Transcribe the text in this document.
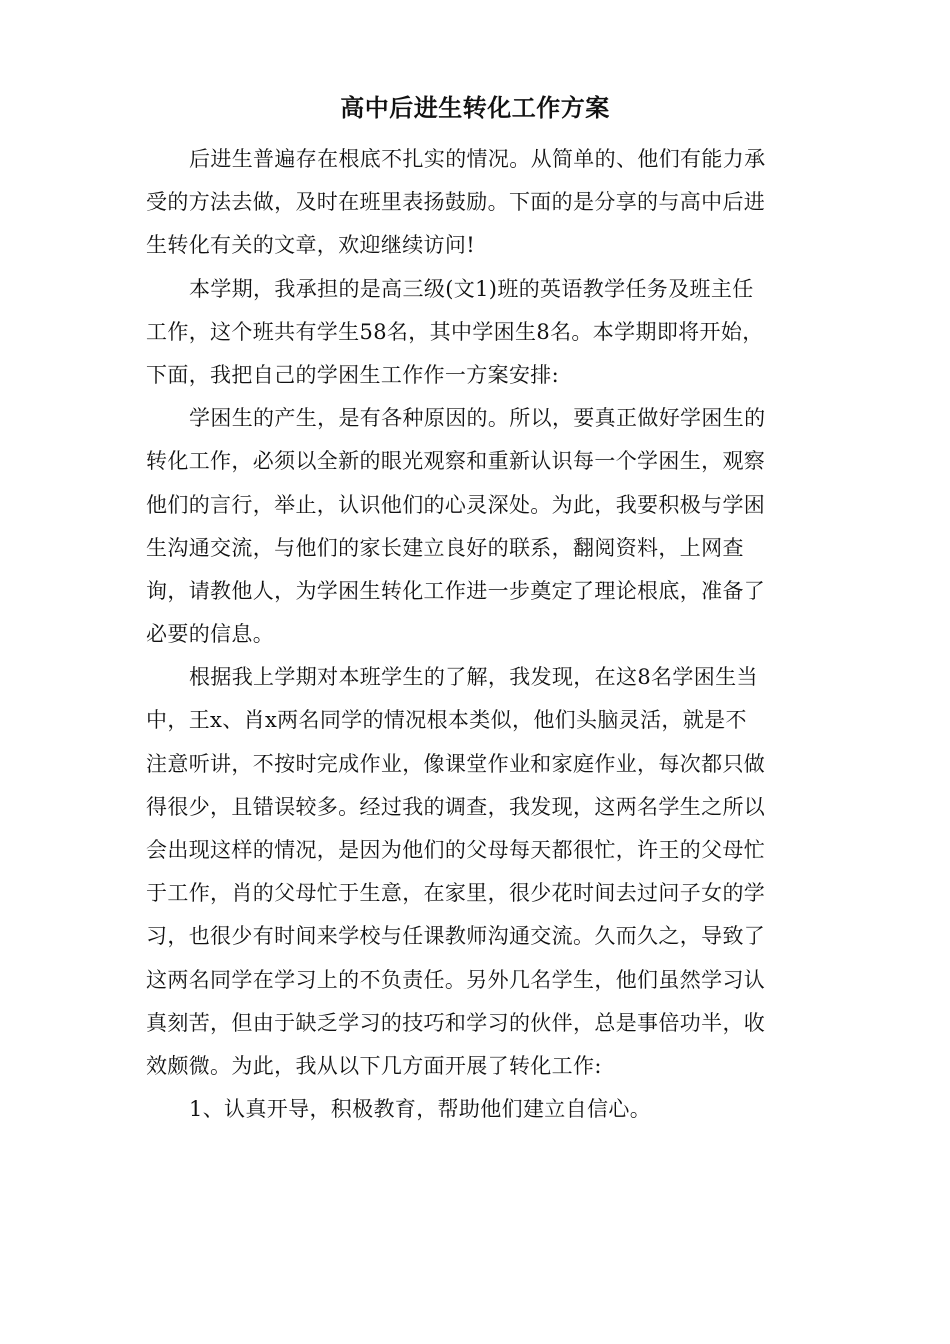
高中后进生转化工作方案
后进生普遍存在根底不扎实的情况。从简单的、他们有能力承
受的方法去做，及时在班里表扬鼓励。下面的是分享的与高中后进
生转化有关的文章，欢迎继续访问!
本学期，我承担的是高三级(文1)班的英语教学任务及班主任
工作，这个班共有学生58名，其中学困生8名。本学期即将开始，
下面，我把自己的学困生工作作一方案安排:
学困生的产生，是有各种原因的。所以，要真正做好学困生的
转化工作，必须以全新的眼光观察和重新认识每一个学困生，观察
他们的言行，举止，认识他们的心灵深处。为此，我要积极与学困
生沟通交流，与他们的家长建立良好的联系，翻阅资料，上网查
询，请教他人，为学困生转化工作进一步奠定了理论根底，准备了
必要的信息。
根据我上学期对本班学生的了解，我发现，在这8名学困生当
中，王x、肖x两名同学的情况根本类似，他们头脑灵活，就是不
注意听讲，不按时完成作业，像课堂作业和家庭作业，每次都只做
得很少，且错误较多。经过我的调查，我发现，这两名学生之所以
会出现这样的情况，是因为他们的父母每天都很忙，许王的父母忙
于工作，肖的父母忙于生意，在家里，很少花时间去过问子女的学
习，也很少有时间来学校与任课教师沟通交流。久而久之，导致了
这两名同学在学习上的不负责任。另外几名学生，他们虽然学习认
真刻苦，但由于缺乏学习的技巧和学习的伙伴，总是事倍功半，收
效颇微。为此，我从以下几方面开展了转化工作:
1、认真开导，积极教育，帮助他们建立自信心。
